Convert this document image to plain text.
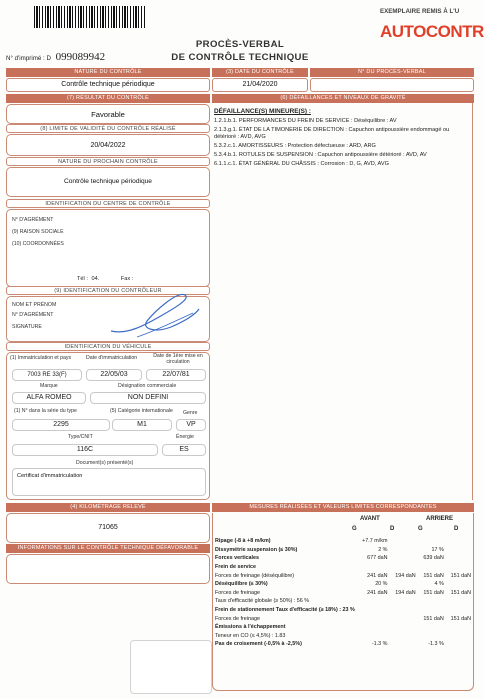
EXEMPLAIRE REMIS À L'U
AUTOCONTR
PROCÈS-VERBAL
DE CONTRÔLE TECHNIQUE
N° d'imprimé : D 099089942
NATURE DU CONTRÔLE	(3) DATE DU CONTRÔLE	N° DU PROCÈS-VERBAL
Contrôle technique périodique	21/04/2020
(7) RÉSULTAT DU CONTRÔLE
Favorable
(8) LIMITE DE VALIDITÉ DU CONTRÔLE RÉALISÉ
20/04/2022
NATURE DU PROCHAIN CONTRÔLE
Contrôle technique périodique
(6) DÉFAILLANCES ET NIVEAUX DE GRAVITÉ
DÉFAILLANCE(S) MINEURE(S) :
1.2.1.b.1. PERFORMANCES DU FREIN DE SERVICE : Déséquilibre : AV
2.1.3.g.1. ÉTAT DE LA TIMONERIE DE DIRECTION : Capuchon antipoussière endommagé ou détérioré : AVD, AVG
5.3.2.c.1. AMORTISSEURS : Protection défectueuse : ARD, ARG
5.3.4.b.1. ROTULES DE SUSPENSION : Capuchon antipoussière détérioré : AVD, AV
6.1.1.c.1. ÉTAT GÉNÉRAL DU CHÂSSIS : Corrosion : D, G, AVD, AVG
IDENTIFICATION DU CENTRE DE CONTRÔLE
N° D'AGRÉMENT
(9) RAISON SOCIALE
(10) COORDONNÉES
Tél : 04.	Fax :
(9) IDENTIFICATION DU CONTRÔLEUR
NOM ET PRÉNOM
N° D'AGRÉMENT
SIGNATURE
IDENTIFICATION DU VÉHICULE
(1) Immatriculation et pays	Date d'immatriculation	Date de 1ère mise en circulation
7003 RE 33(F)	22/05/03	22/07/81
Marque	Désignation commerciale
ALFA ROMEO	NON DEFINI
(1) N° dans la série du type	(5) Catégorie internationale Genre
2295	M1	VP
Type/CNIT	Énergie
116C	ES
Document(s) présenté(s)
Certificat d'immatriculation
(4) KILOMÉTRAGE RELEVÉ
71065
INFORMATIONS SUR LE CONTRÔLE TECHNIQUE DÉFAVORABLE
MESURES RÉALISÉES ET VALEURS LIMITES CORRESPONDANTES
AVANT	ARRIERE
G	D	G	D
Ripage (-8 à +8 m/km)	+7.7 m/km			
Dissymétrie suspension (≤ 30%)	2 %		17 %	
Forces verticales	677 daN		639 daN	
Frein de service				
Forces de freinage (déséquilibre)	241 daN	194 daN	151 daN	151 daN
Déséquilibre (≤ 30%)	20 %		4 %	
Forces de freinage	241 daN	194 daN	151 daN	151 daN
Taux d'efficacité globale (≥ 50%) : 56 %				
Frein de stationnement Taux d'efficacité (≥ 18%) : 23 %				
Forces de freinage			151 daN	151 daN
Émissions à l'échappement				
Teneur en CO (≤ 4,5%) : 1.83				
Pas de croisement (-0,5% à -2,5%)	-1.3 %		-1.3 %	
